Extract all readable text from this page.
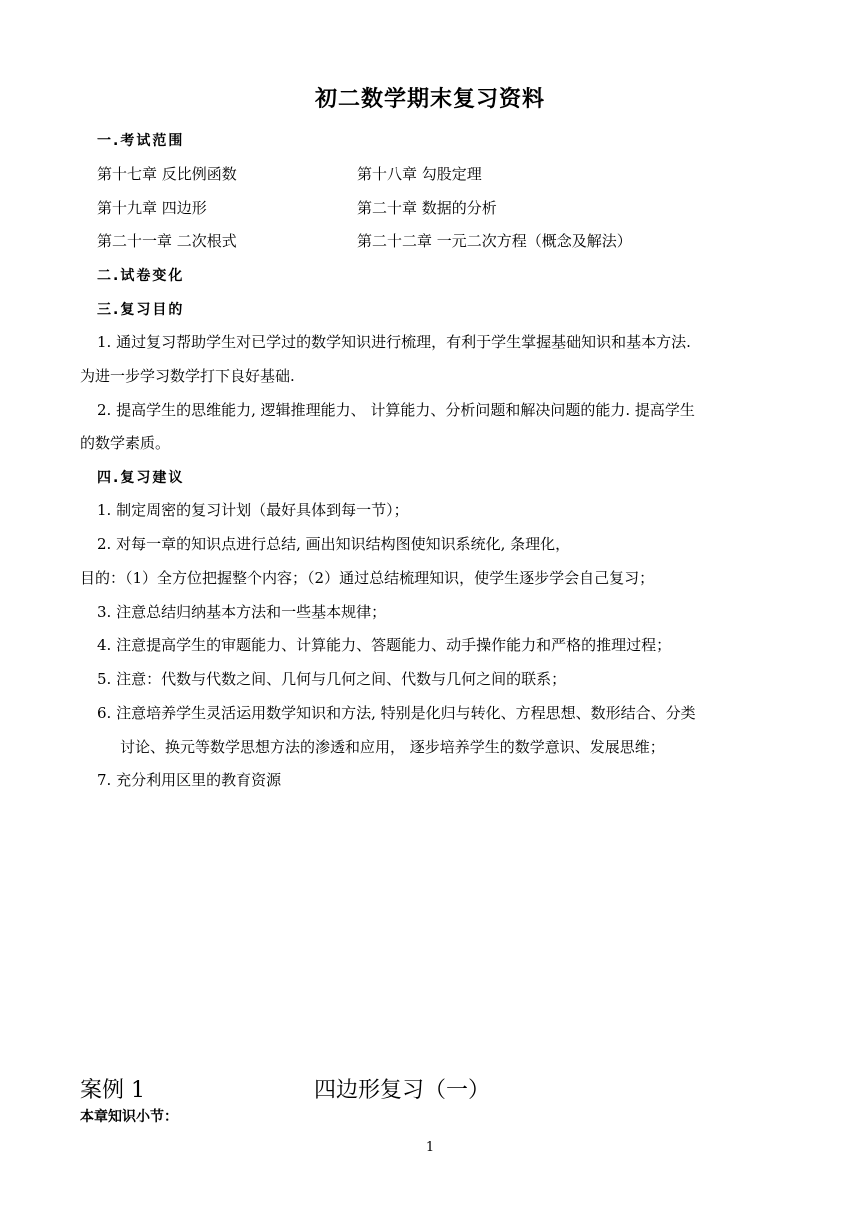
初二数学期末复习资料
一.考试范围
第十七章 反比例函数	第十八章 勾股定理
第十九章 四边形	第二十章 数据的分析
第二十一章 二次根式	第二十二章 一元二次方程（概念及解法）
二.试卷变化
三.复习目的
1. 通过复习帮助学生对已学过的数学知识进行梳理，有利于学生掌握基础知识和基本方法.
为进一步学习数学打下良好基础.
2. 提高学生的思维能力, 逻辑推理能力、 计算能力、分析问题和解决问题的能力. 提高学生
的数学素质。
四.复习建议
1. 制定周密的复习计划（最好具体到每一节）；
2. 对每一章的知识点进行总结, 画出知识结构图使知识系统化, 条理化，
目的：（1）全方位把握整个内容；（2）通过总结梳理知识，使学生逐步学会自己复习；
3. 注意总结归纳基本方法和一些基本规律；
4. 注意提高学生的审题能力、计算能力、答题能力、动手操作能力和严格的推理过程；
5. 注意：代数与代数之间、几何与几何之间、代数与几何之间的联系；
6. 注意培养学生灵活运用数学知识和方法, 特别是化归与转化、方程思想、数形结合、分类
讨论、换元等数学思想方法的渗透和应用， 逐步培养学生的数学意识、发展思维；
7. 充分利用区里的教育资源
案例 1	四边形复习（一）
本章知识小节：
1
